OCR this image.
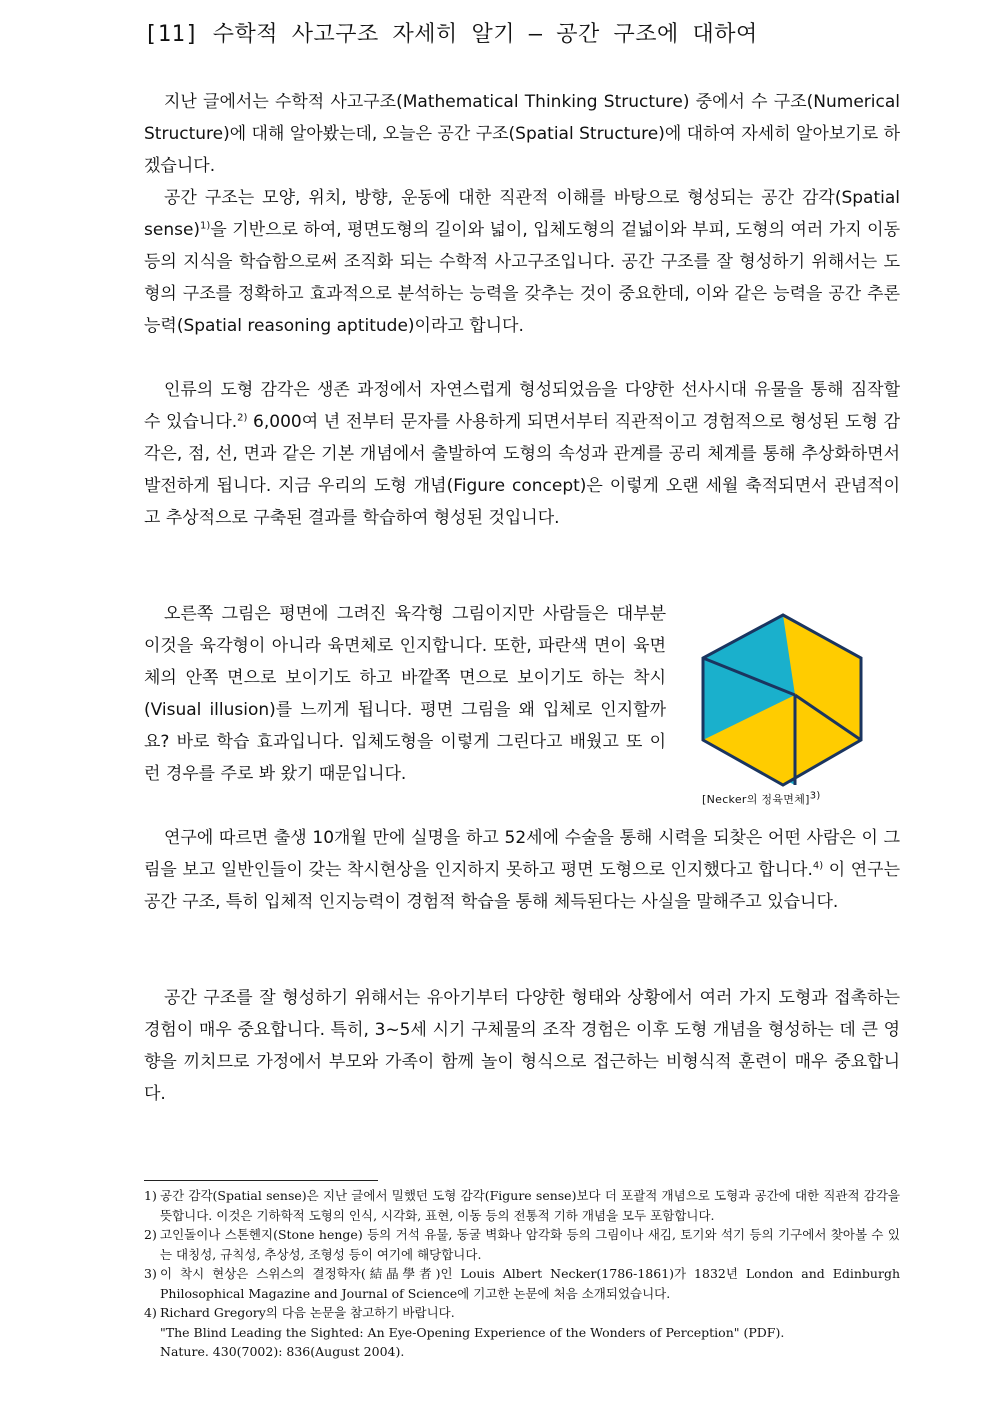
[11] 수학적 사고구조 자세히 알기 – 공간 구조에 대하여

지난 글에서는 수학적 사고구조(Mathematical Thinking Structure) 중에서 수 구조(Numerical Structure)에 대해 알아봤는데, 오늘은 공간 구조(Spatial Structure)에 대하여 자세히 알아보기로 하겠습니다.

공간 구조는 모양, 위치, 방향, 운동에 대한 직관적 이해를 바탕으로 형성되는 공간 감각(Spatial sense)$^{1)}$을 기반으로 하여, 평면도형의 길이와 넓이, 입체도형의 겉넓이와 부피, 도형의 여러 가지 이동 등의 지식을 학습함으로써 조직화 되는 수학적 사고구조입니다. 공간 구조를 잘 형성하기 위해서는 도형의 구조를 정확하고 효과적으로 분석하는 능력을 갖추는 것이 중요한데, 이와 같은 능력을 공간 추론 능력(Spatial reasoning aptitude)이라고 합니다.

인류의 도형 감각은 생존 과정에서 자연스럽게 형성되었음을 다양한 선사시대 유물을 통해 짐작할 수 있습니다.$^{2)}$ 6,000여 년 전부터 문자를 사용하게 되면서부터 직관적이고 경험적으로 형성된 도형 감각은, 점, 선, 면과 같은 기본 개념에서 출발하여 도형의 속성과 관계를 공리 체계를 통해 추상화하면서 발전하게 됩니다. 지금 우리의 도형 개념(Figure concept)은 이렇게 오랜 세월 축적되면서 관념적이고 추상적으로 구축된 결과를 학습하여 형성된 것입니다.

오른쪽 그림은 평면에 그려진 육각형 그림이지만 사람들은 대부분 이것을 육각형이 아니라 육면체로 인지합니다. 또한, 파란색 면이 육면체의 안쪽 면으로 보이기도 하고 바깥쪽 면으로 보이기도 하는 착시(Visual illusion)를 느끼게 됩니다. 평면 그림을 왜 입체로 인지할까요? 바로 학습 효과입니다. 입체도형을 이렇게 그린다고 배웠고 또 이런 경우를 주로 봐 왔기 때문입니다.

[Necker의 정육면체]$^{3)}$

연구에 따르면 출생 10개월 만에 실명을 하고 52세에 수술을 통해 시력을 되찾은 어떤 사람은 이 그림을 보고 일반인들이 갖는 착시현상을 인지하지 못하고 평면 도형으로 인지했다고 합니다.$^{4)}$ 이 연구는 공간 구조, 특히 입체적 인지능력이 경험적 학습을 통해 체득된다는 사실을 말해주고 있습니다.

공간 구조를 잘 형성하기 위해서는 유아기부터 다양한 형태와 상황에서 여러 가지 도형과 접촉하는 경험이 매우 중요합니다. 특히, 3~5세 시기 구체물의 조작 경험은 이후 도형 개념을 형성하는 데 큰 영향을 끼치므로 가정에서 부모와 가족이 함께 놀이 형식으로 접근하는 비형식적 훈련이 매우 중요합니다.

1) 공간 감각(Spatial sense)은 지난 글에서 밀했던 도형 감각(Figure sense)보다 더 포괄적 개념으로 도형과 공간에 대한 직관적 감각을 뜻합니다. 이것은 기하학적 도형의 인식, 시각화, 표현, 이동 등의 전통적 기하 개념을 모두 포함합니다.
2) 고인돌이나 스톤헨지(Stone henge) 등의 거석 유물, 동굴 벽화나 암각화 등의 그림이나 새김, 토기와 석기 등의 기구에서 찾아볼 수 있는 대칭성, 규칙성, 추상성, 조형성 등이 여기에 해당합니다.
3) 이 착시 현상은 스위스의 결정학자(結晶學者)인 Louis Albert Necker(1786-1861)가 1832년 London and Edinburgh Philosophical Magazine and Journal of Science에 기고한 논문에 처음 소개되었습니다.
4) Richard Gregory의 다음 논문을 참고하기 바랍니다.
"The Blind Leading the Sighted: An Eye-Opening Experience of the Wonders of Perception" (PDF).
Nature. 430(7002): 836(August 2004).
